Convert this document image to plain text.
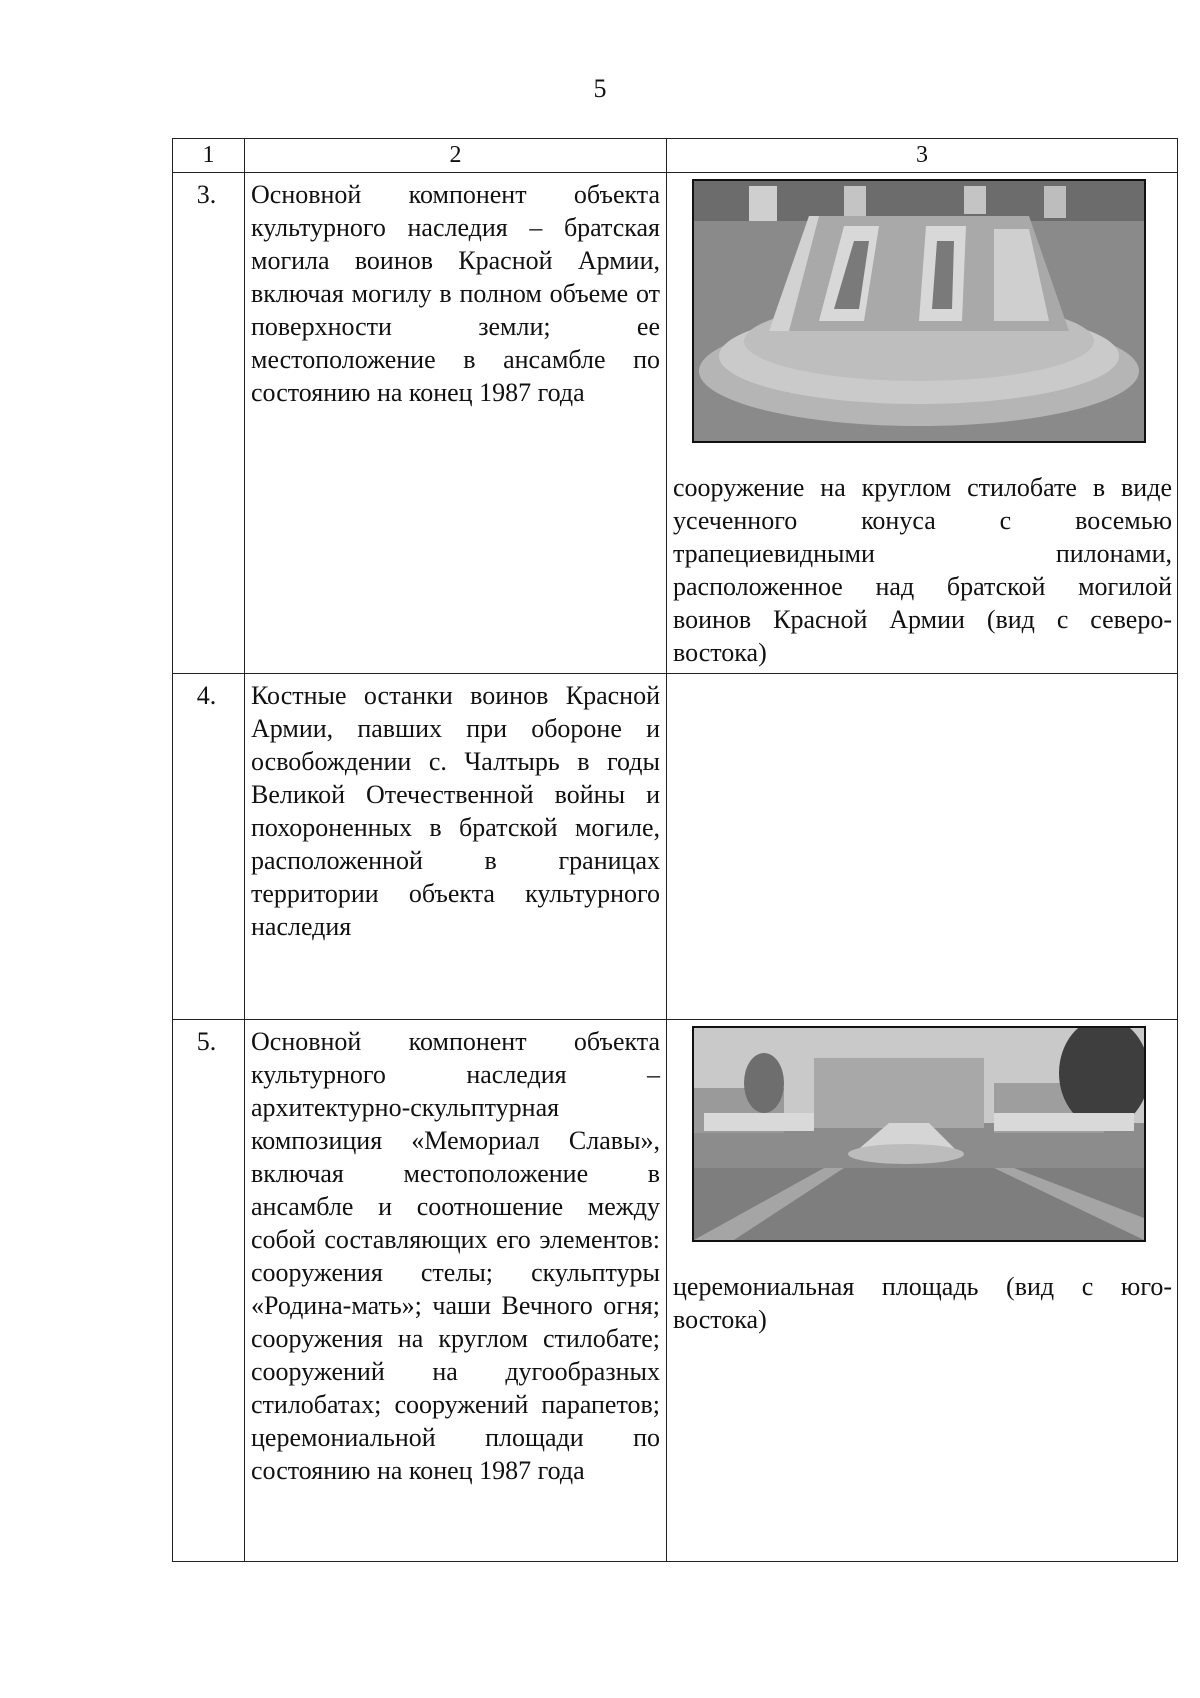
5
1	2	3
3.	Основной компонент объекта культурного наследия – братская могила воинов Красной Армии, включая могилу в полном объеме от поверхности земли; ее местоположение в ансамбле по состоянию на конец 1987 года	сооружение на круглом стилобате в виде усеченного конуса с восемью трапециевидными пилонами, расположенное над братской могилой воинов Красной Армии (вид с северо-востока)

4.	Костные останки воинов Красной Армии, павших при обороне и освобождении с. Чалтырь в годы Великой Отечественной войны и похороненных в братской могиле, расположенной в границах территории объекта культурного наследия	
5.	Основной компонент объекта культурного наследия – архитектурно-скульптурная композиция «Мемориал Славы», включая местоположение в ансамбле и соотношение между собой составляющих его элементов: сооружения стелы; скульптуры «Родина-мать»; чаши Вечного огня; сооружения на круглом стилобате; сооружений на дугообразных стилобатах; сооружений парапетов; церемониальной площади по состоянию на конец 1987 года	церемониальная площадь (вид с юго-востока)
